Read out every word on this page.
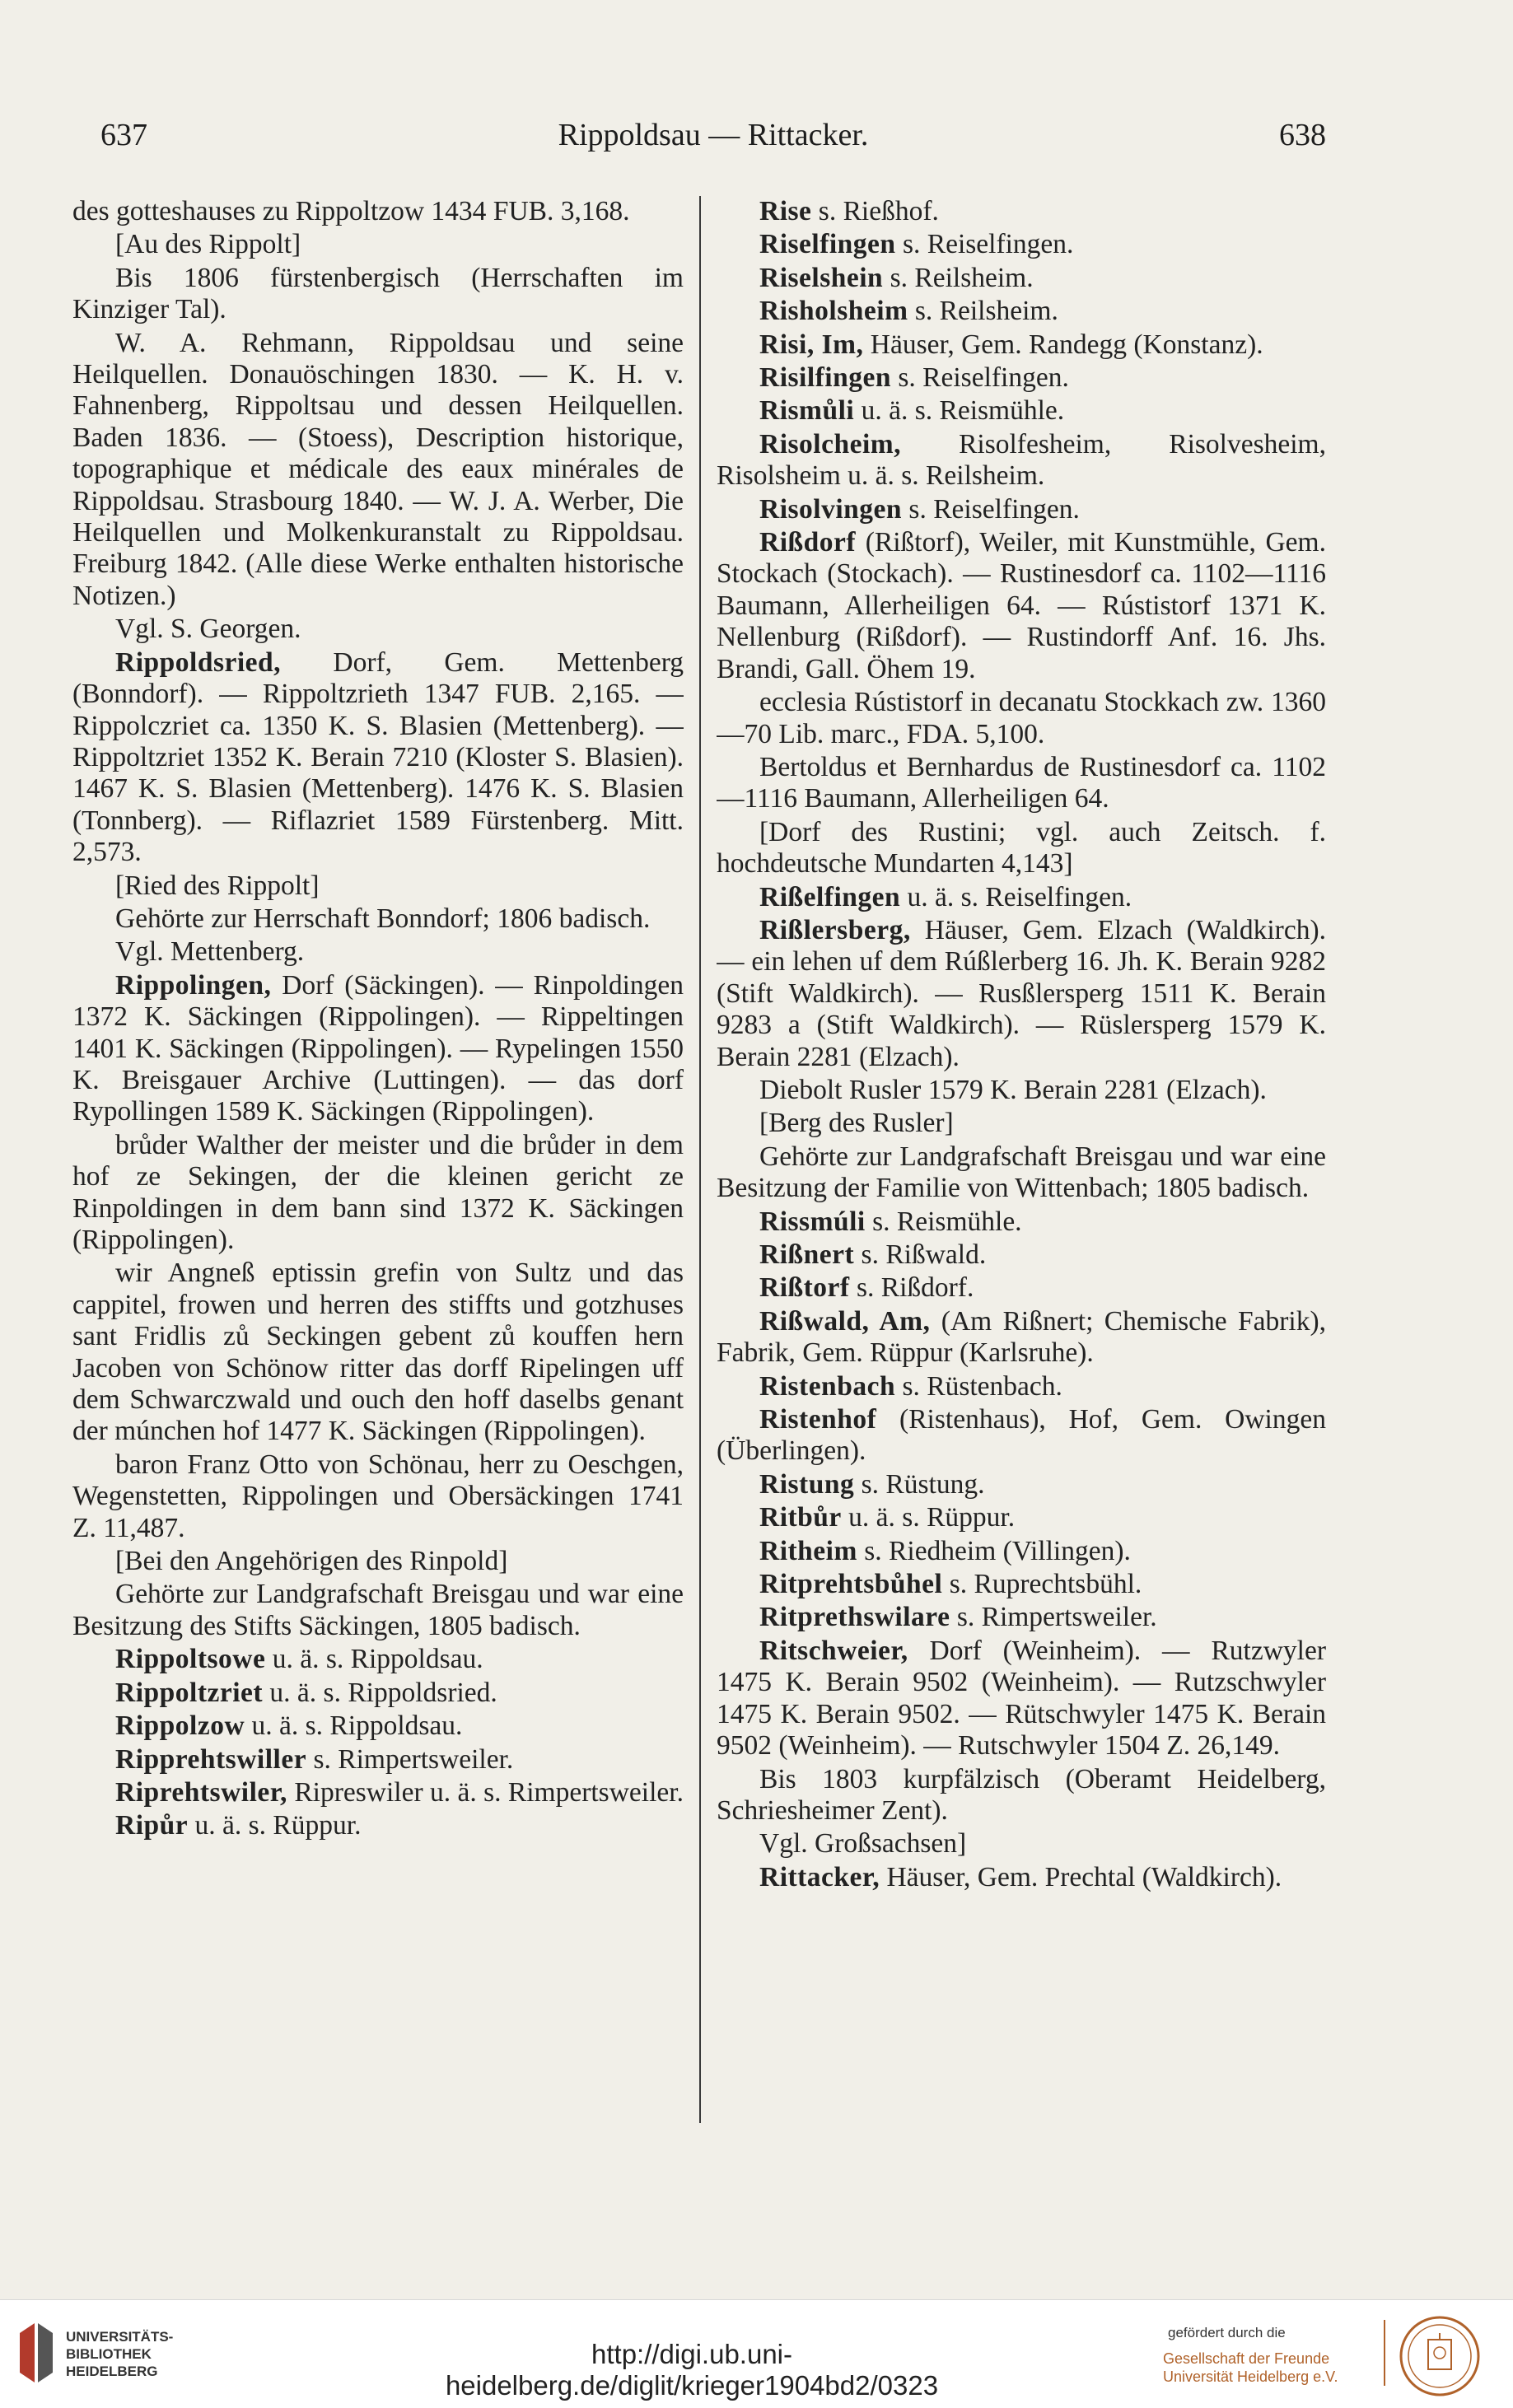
637	Rippoldsau — Rittacker.	638

des gotteshauses zu Rippoltzow 1434 FUB. 3,168.

[Au des Rippolt]

Bis 1806 fürstenbergisch (Herrschaften im Kinziger Tal).

W. A. Rehmann, Rippoldsau und seine Heilquellen. Donauöschingen 1830. — K. H. v. Fahnenberg, Rippoltsau und dessen Heilquellen. Baden 1836. — (Stoess), Description historique, topographique et médicale des eaux minérales de Rippoldsau. Strasbourg 1840. — W. J. A. Werber, Die Heilquellen und Molkenkuranstalt zu Rippoldsau. Freiburg 1842. (Alle diese Werke enthalten historische Notizen.)

Vgl. S. Georgen.

Rippoldsried, Dorf, Gem. Mettenberg (Bonndorf). — Rippoltzrieth 1347 FUB. 2,165. — Rippolczriet ca. 1350 K. S. Blasien (Mettenberg). — Rippoltzriet 1352 K. Berain 7210 (Kloster S. Blasien). 1467 K. S. Blasien (Mettenberg). 1476 K. S. Blasien (Tonnberg). — Riflazriet 1589 Fürstenberg. Mitt. 2,573.

[Ried des Rippolt]

Gehörte zur Herrschaft Bonndorf; 1806 badisch.

Vgl. Mettenberg.

Rippolingen, Dorf (Säckingen). — Rinpoldingen 1372 K. Säckingen (Rippolingen). — Rippeltingen 1401 K. Säckingen (Rippolingen). — Rypelingen 1550 K. Breisgauer Archive (Luttingen). — das dorf Rypollingen 1589 K. Säckingen (Rippolingen).

brůder Walther der meister und die brůder in dem hof ze Sekingen, der die kleinen gericht ze Rinpoldingen in dem bann sind 1372 K. Säckingen (Rippolingen).

wir Angneß eptissin grefin von Sultz und das cappitel, frowen und herren des stiffts und gotzhuses sant Fridlis zů Seckingen gebent zů kouffen hern Jacoben von Schönow ritter das dorff Ripelingen uff dem Schwarczwald und ouch den hoff daselbs genant der múnchen hof 1477 K. Säckingen (Rippolingen).

baron Franz Otto von Schönau, herr zu Oeschgen, Wegenstetten, Rippolingen und Obersäckingen 1741 Z. 11,487.

[Bei den Angehörigen des Rinpold]

Gehörte zur Landgrafschaft Breisgau und war eine Besitzung des Stifts Säckingen, 1805 badisch.

Rippoltsowe u. ä. s. Rippoldsau.

Rippoltzriet u. ä. s. Rippoldsried.

Rippolzow u. ä. s. Rippoldsau.

Ripprehtswiller s. Rimpertsweiler.

Riprehtswiler, Ripreswiler u. ä. s. Rimpertsweiler.

Ripůr u. ä. s. Rüppur.

Rise s. Rießhof.

Riselfingen s. Reiselfingen.

Riselshein s. Reilsheim.

Risholsheim s. Reilsheim.

Risi, Im, Häuser, Gem. Randegg (Konstanz).

Risilfingen s. Reiselfingen.

Rismůli u. ä. s. Reismühle.

Risolcheim, Risolfesheim, Risolvesheim, Risolsheim u. ä. s. Reilsheim.

Risolvingen s. Reiselfingen.

Rißdorf (Rißtorf), Weiler, mit Kunstmühle, Gem. Stockach (Stockach). — Rustinesdorf ca. 1102—1116 Baumann, Allerheiligen 64. — Rústistorf 1371 K. Nellenburg (Rißdorf). — Rustindorff Anf. 16. Jhs. Brandi, Gall. Öhem 19.

ecclesia Rústistorf in decanatu Stockkach zw. 1360—70 Lib. marc., FDA. 5,100.

Bertoldus et Bernhardus de Rustinesdorf ca. 1102—1116 Baumann, Allerheiligen 64.

[Dorf des Rustini; vgl. auch Zeitsch. f. hochdeutsche Mundarten 4,143]

Rißelfingen u. ä. s. Reiselfingen.

Rißlersberg, Häuser, Gem. Elzach (Waldkirch). — ein lehen uf dem Rúßlerberg 16. Jh. K. Berain 9282 (Stift Waldkirch). — Rusßlersperg 1511 K. Berain 9283 a (Stift Waldkirch). — Rüslersperg 1579 K. Berain 2281 (Elzach).

Diebolt Rusler 1579 K. Berain 2281 (Elzach).

[Berg des Rusler]

Gehörte zur Landgrafschaft Breisgau und war eine Besitzung der Familie von Wittenbach; 1805 badisch.

Rissmúli s. Reismühle.

Rißnert s. Rißwald.

Rißtorf s. Rißdorf.

Rißwald, Am, (Am Rißnert; Chemische Fabrik), Fabrik, Gem. Rüppur (Karlsruhe).

Ristenbach s. Rüstenbach.

Ristenhof (Ristenhaus), Hof, Gem. Owingen (Überlingen).

Ristung s. Rüstung.

Ritbůr u. ä. s. Rüppur.

Ritheim s. Riedheim (Villingen).

Ritprehtsbůhel s. Ruprechtsbühl.

Ritprethswilare s. Rimpertsweiler.

Ritschweier, Dorf (Weinheim). — Rutzwyler 1475 K. Berain 9502 (Weinheim). — Rutzschwyler 1475 K. Berain 9502. — Rütschwyler 1475 K. Berain 9502 (Weinheim). — Rutschwyler 1504 Z. 26,149.

Bis 1803 kurpfälzisch (Oberamt Heidelberg, Schriesheimer Zent).

Vgl. Großsachsen]

Rittacker, Häuser, Gem. Prechtal (Waldkirch).

UNIVERSITÄTS-
BIBLIOTHEK
HEIDELBERG
http://digi.ub.uni-heidelberg.de/diglit/krieger1904bd2/0323
gefördert durch die
Gesellschaft der Freunde
Universität Heidelberg e.V.
